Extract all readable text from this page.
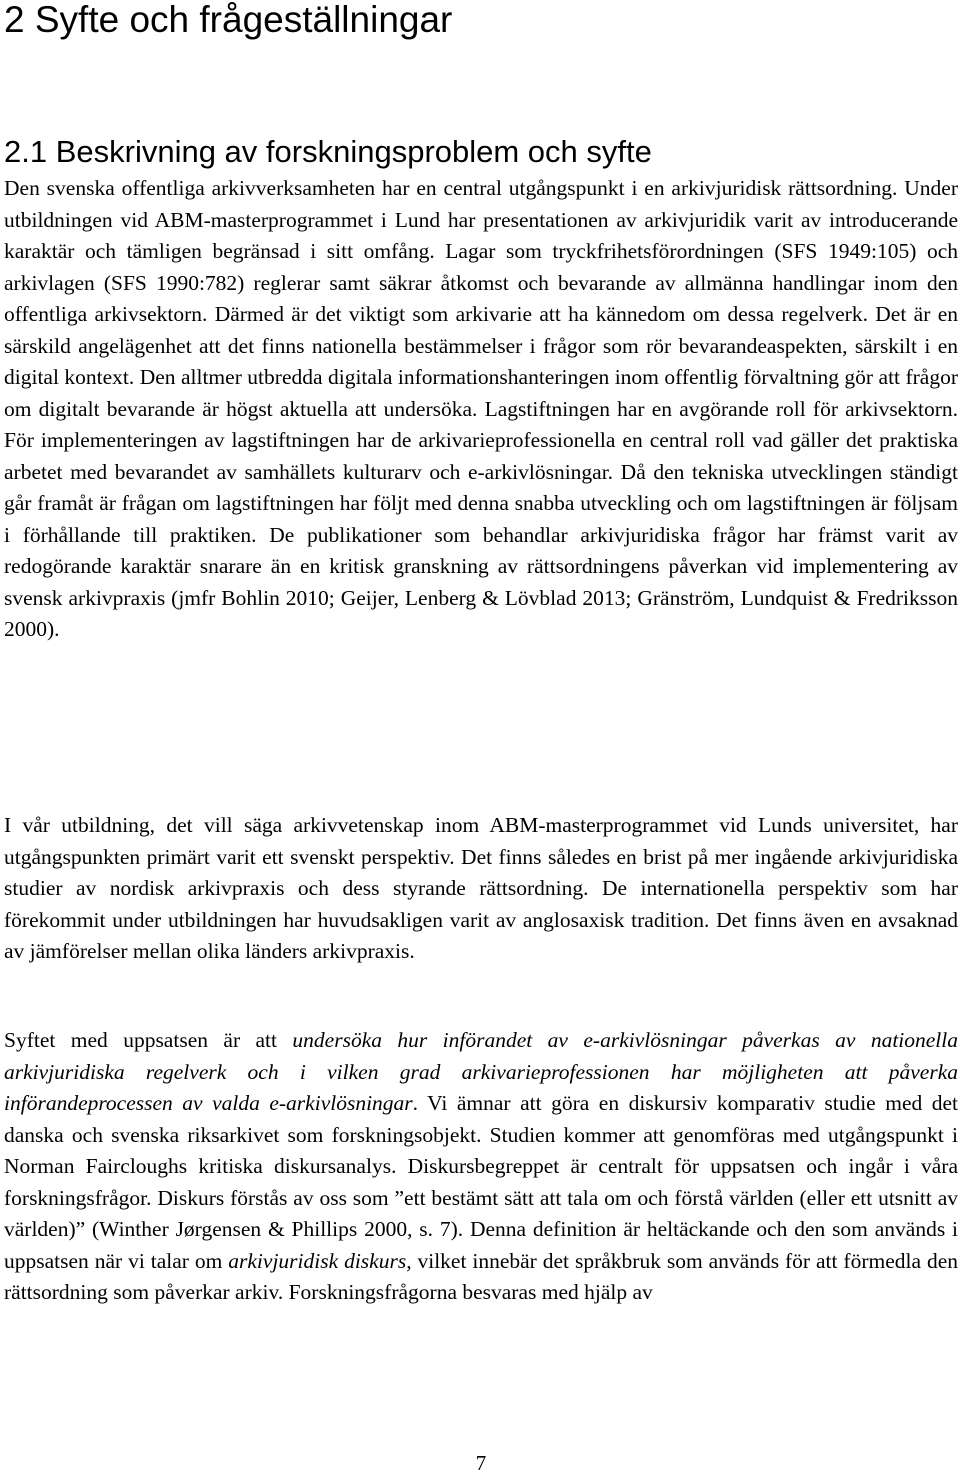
2 Syfte och frågeställningar
2.1 Beskrivning av forskningsproblem och syfte

Den svenska offentliga arkivverksamheten har en central utgångspunkt i en arkivjuridisk rättsordning. Under utbildningen vid ABM-masterprogrammet i Lund har presentationen av arkivjuridik varit av introducerande karaktär och tämligen begränsad i sitt omfång. Lagar som tryckfrihetsförordningen (SFS 1949:105) och arkivlagen (SFS 1990:782) reglerar samt säkrar åtkomst och bevarande av allmänna handlingar inom den offentliga arkivsektorn. Därmed är det viktigt som arkivarie att ha kännedom om dessa regelverk. Det är en särskild angelägenhet att det finns nationella bestämmelser i frågor som rör bevarandeaspekten, särskilt i en digital kontext. Den alltmer utbredda digitala informationshanteringen inom offentlig förvaltning gör att frågor om digitalt bevarande är högst aktuella att undersöka. Lagstiftningen har en avgörande roll för arkivsektorn. För implementeringen av lagstiftningen har de arkivarieprofessionella en central roll vad gäller det praktiska arbetet med bevarandet av samhällets kulturarv och e-arkivlösningar. Då den tekniska utvecklingen ständigt går framåt är frågan om lagstiftningen har följt med denna snabba utveckling och om lagstiftningen är följsam i förhållande till praktiken. De publikationer som behandlar arkivjuridiska frågor har främst varit av redogörande karaktär snarare än en kritisk granskning av rättsordningens påverkan vid implementering av svensk arkivpraxis (jmfr Bohlin 2010; Geijer, Lenberg & Lövblad 2013; Gränström, Lundquist & Fredriksson 2000).

I vår utbildning, det vill säga arkivvetenskap inom ABM-masterprogrammet vid Lunds universitet, har utgångspunkten primärt varit ett svenskt perspektiv. Det finns således en brist på mer ingående arkivjuridiska studier av nordisk arkivpraxis och dess styrande rättsordning. De internationella perspektiv som har förekommit under utbildningen har huvudsakligen varit av anglosaxisk tradition. Det finns även en avsaknad av jämförelser mellan olika länders arkivpraxis.

Syftet med uppsatsen är att undersöka hur införandet av e-arkivlösningar påverkas av nationella arkivjuridiska regelverk och i vilken grad arkivarieprofessionen har möjligheten att påverka införandeprocessen av valda e-arkivlösningar. Vi ämnar att göra en diskursiv komparativ studie med det danska och svenska riksarkivet som forskningsobjekt. Studien kommer att genomföras med utgångspunkt i Norman Faircloughs kritiska diskursanalys. Diskursbegreppet är centralt för uppsatsen och ingår i våra forskningsfrågor. Diskurs förstås av oss som ”ett bestämt sätt att tala om och förstå världen (eller ett utsnitt av världen)” (Winther Jørgensen & Phillips 2000, s. 7). Denna definition är heltäckande och den som används i uppsatsen när vi talar om arkivjuridisk diskurs, vilket innebär det språkbruk som används för att förmedla den rättsordning som påverkar arkiv. Forskningsfrågorna besvaras med hjälp av

7
